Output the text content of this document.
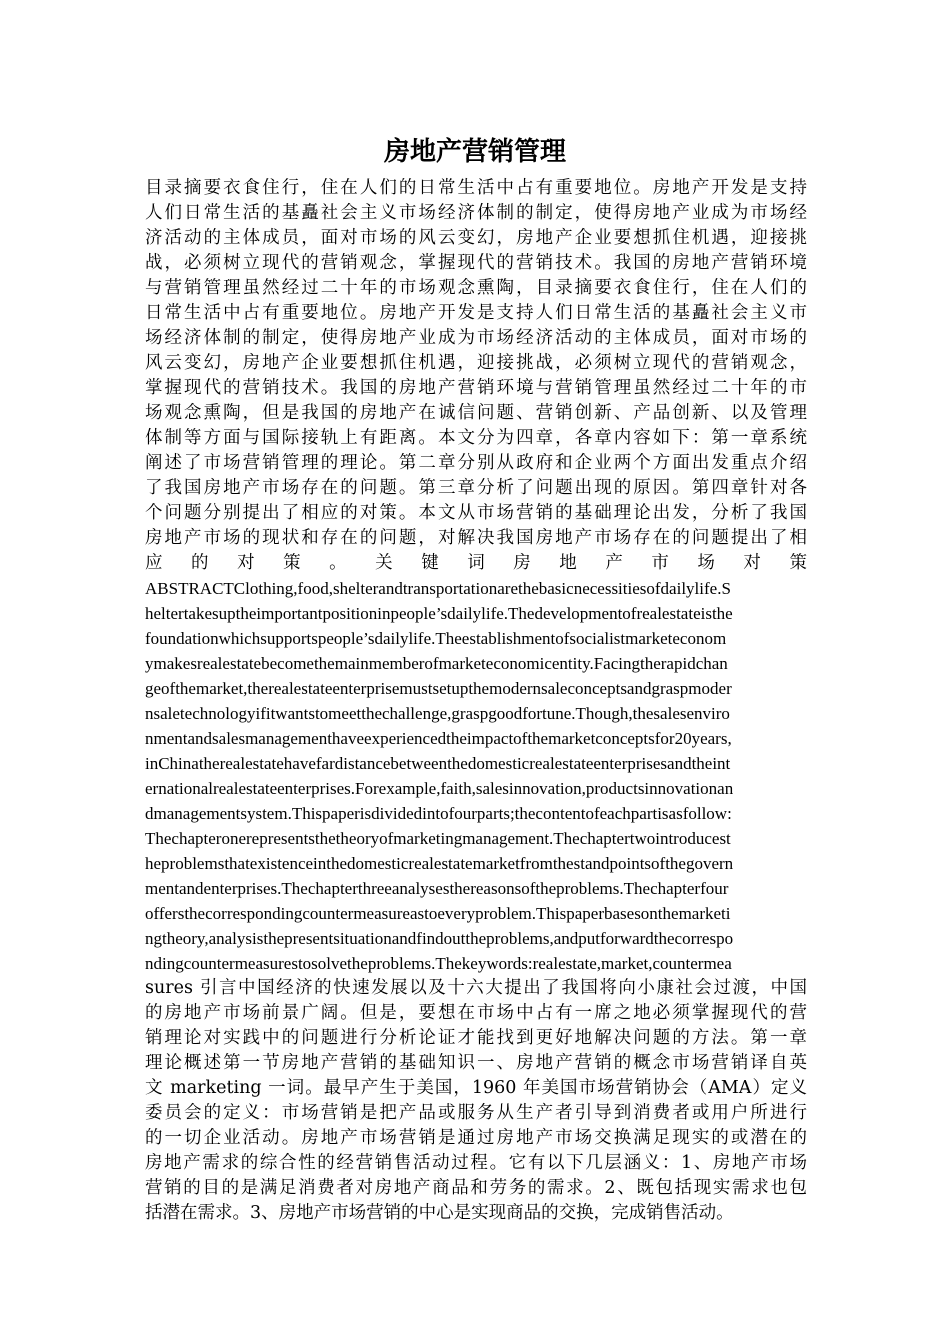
房地产营销管理
目录摘要衣食住行，住在人们的日常生活中占有重要地位。房地产开发是支持
人们日常生活的基矗社会主义市场经济体制的制定，使得房地产业成为市场经
济活动的主体成员，面对市场的风云变幻，房地产企业要想抓住机遇，迎接挑
战，必须树立现代的营销观念，掌握现代的营销技术。我国的房地产营销环境
与营销管理虽然经过二十年的市场观念熏陶，目录摘要衣食住行，住在人们的
日常生活中占有重要地位。房地产开发是支持人们日常生活的基矗社会主义市
场经济体制的制定，使得房地产业成为市场经济活动的主体成员，面对市场的
风云变幻，房地产企业要想抓住机遇，迎接挑战，必须树立现代的营销观念，
掌握现代的营销技术。我国的房地产营销环境与营销管理虽然经过二十年的市
场观念熏陶，但是我国的房地产在诚信问题、营销创新、产品创新、以及管理
体制等方面与国际接轨上有距离。本文分为四章，各章内容如下：第一章系统
阐述了市场营销管理的理论。第二章分别从政府和企业两个方面出发重点介绍
了我国房地产市场存在的问题。第三章分析了问题出现的原因。第四章针对各
个问题分别提出了相应的对策。本文从市场营销的基础理论出发，分析了我国
房地产市场的现状和存在的问题，对解决我国房地产市场存在的问题提出了相
应 的 对 策 。 关 键 词 房 地 产 市 场 对 策
ABSTRACTClothing,food,shelterandtransportationarethebasicnecessitiesofdailylife.S
heltertakesuptheimportantpositioninpeople’sdailylife.Thedevelopmentofrealestateisthe
foundationwhichsupportspeople’sdailylife.Theestablishmentofsocialistmarketeconom
ymakesrealestatebecomethemainmemberofmarketeconomicentity.Facingtherapidchan
geofthemarket,therealestateenterprisemustsetupthemodernsaleconceptsandgraspmoder
nsaletechnologyifitwantstomeetthechallenge,graspgoodfortune.Though,thesalesenviro
nmentandsalesmanagementhaveexperiencedtheimpactofthemarketconceptsfor20years,
inChinatherealestatehavefardistancebetweenthedomesticrealestateenterprisesandtheint
ernationalrealestateenterprises.Forexample,faith,salesinnovation,productsinnovationan
dmanagementsystem.Thispaperisdividedintofourparts;thecontentofeachpartisasfollow:
Thechapteronerepresentsthetheoryofmarketingmanagement.Thechaptertwointroducest
heproblemsthatexistenceinthedomesticrealestatemarketfromthestandpointsofthegovern
mentandenterprises.Thechapterthreeanalysesthereasonsoftheproblems.Thechapterfour
offersthecorrespondingcountermeasureastoeveryproblem.Thispaperbasesonthemarketi
ngtheory,analysisthepresentsituationandfindouttheproblems,andputforwardthecorrespo
ndingcountermeasurestosolvetheproblems.Thekeywords:realestate,market,countermea
sures 引言中国经济的快速发展以及十六大提出了我国将向小康社会过渡，中国
的房地产市场前景广阔。但是，要想在市场中占有一席之地必须掌握现代的营
销理论对实践中的问题进行分析论证才能找到更好地解决问题的方法。第一章
理论概述第一节房地产营销的基础知识一、房地产营销的概念市场营销译自英
文 marketing 一词。最早产生于美国，1960 年美国市场营销协会（AMA）定义
委员会的定义：市场营销是把产品或服务从生产者引导到消费者或用户所进行
的一切企业活动。房地产市场营销是通过房地产市场交换满足现实的或潜在的
房地产需求的综合性的经营销售活动过程。它有以下几层涵义：1、房地产市场
营销的目的是满足消费者对房地产商品和劳务的需求。2、既包括现实需求也包
括潜在需求。3、房地产市场营销的中心是实现商品的交换，完成销售活动。
